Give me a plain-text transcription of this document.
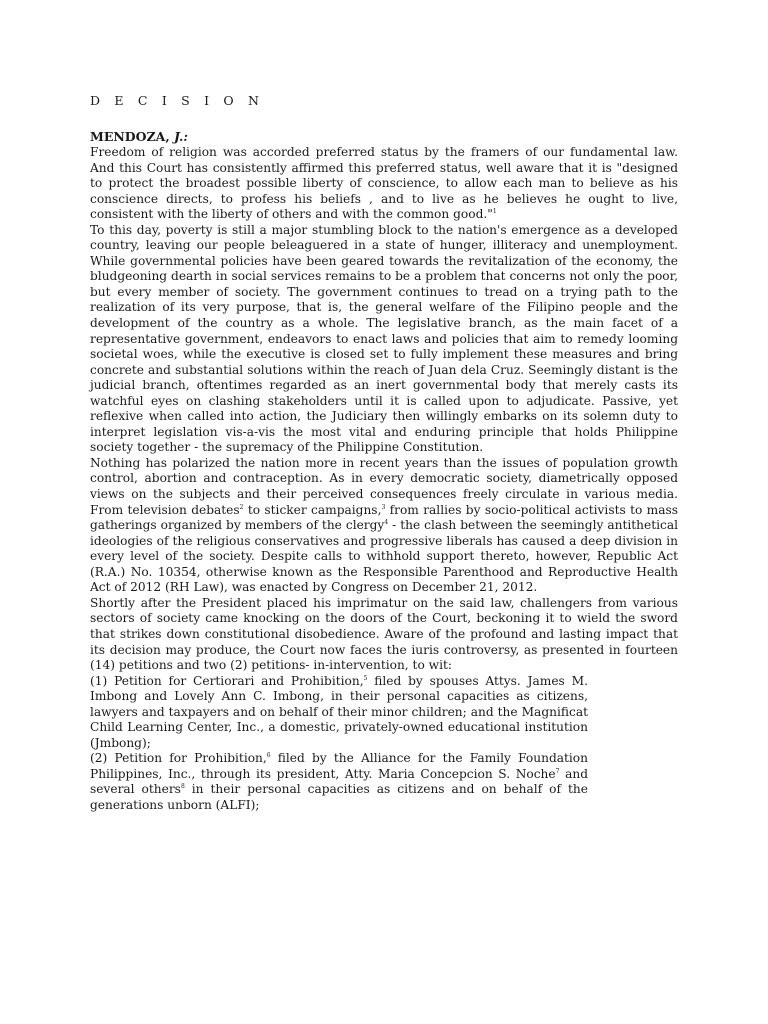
D E C I S I O N
MENDOZA, J.:

Freedom of religion was accorded preferred status by the framers of our fundamental law. And this Court has consistently affirmed this preferred status, well aware that it is "designed to protect the broadest possible liberty of conscience, to allow each man to believe as his conscience directs, to profess his beliefs , and to live as he believes he ought to live, consistent with the liberty of others and with the common good."$^1$

To this day, poverty is still a major stumbling block to the nation's emergence as a developed country, leaving our people beleaguered in a state of hunger, illiteracy and unemployment. While governmental policies have been geared towards the revitalization of the economy, the bludgeoning dearth in social services remains to be a problem that concerns not only the poor, but every member of society. The government continues to tread on a trying path to the realization of its very purpose, that is, the general welfare of the Filipino people and the development of the country as a whole. The legislative branch, as the main facet of a representative government, endeavors to enact laws and policies that aim to remedy looming societal woes, while the executive is closed set to fully implement these measures and bring concrete and substantial solutions within the reach of Juan dela Cruz. Seemingly distant is the judicial branch, oftentimes regarded as an inert governmental body that merely casts its watchful eyes on clashing stakeholders until it is called upon to adjudicate. Passive, yet reflexive when called into action, the Judiciary then willingly embarks on its solemn duty to interpret legislation vis-a-vis the most vital and enduring principle that holds Philippine society together - the supremacy of the Philippine Constitution.

Nothing has polarized the nation more in recent years than the issues of population growth control, abortion and contraception. As in every democratic society, diametrically opposed views on the subjects and their perceived consequences freely circulate in various media. From television debates$^2$ to sticker campaigns,$^3$ from rallies by socio-political activists to mass gatherings organized by members of the clergy$^4$ - the clash between the seemingly antithetical ideologies of the religious conservatives and progressive liberals has caused a deep division in every level of the society. Despite calls to withhold support thereto, however, Republic Act (R.A.) No. 10354, otherwise known as the Responsible Parenthood and Reproductive Health Act of 2012 (RH Law), was enacted by Congress on December 21, 2012.

Shortly after the President placed his imprimatur on the said law, challengers from various sectors of society came knocking on the doors of the Court, beckoning it to wield the sword that strikes down constitutional disobedience. Aware of the profound and lasting impact that its decision may produce, the Court now faces the iuris controversy, as presented in fourteen (14) petitions and two (2) petitions- in-intervention, to wit:

(1) Petition for Certiorari and Prohibition,$^5$ filed by spouses Attys. James M. Imbong and Lovely Ann C. Imbong, in their personal capacities as citizens, lawyers and taxpayers and on behalf of their minor children; and the Magnificat Child Learning Center, Inc., a domestic, privately-owned educational institution (Jmbong);

(2) Petition for Prohibition,$^6$ filed by the Alliance for the Family Foundation Philippines, Inc., through its president, Atty. Maria Concepcion S. Noche$^7$ and several others$^8$ in their personal capacities as citizens and on behalf of the generations unborn (ALFI);
